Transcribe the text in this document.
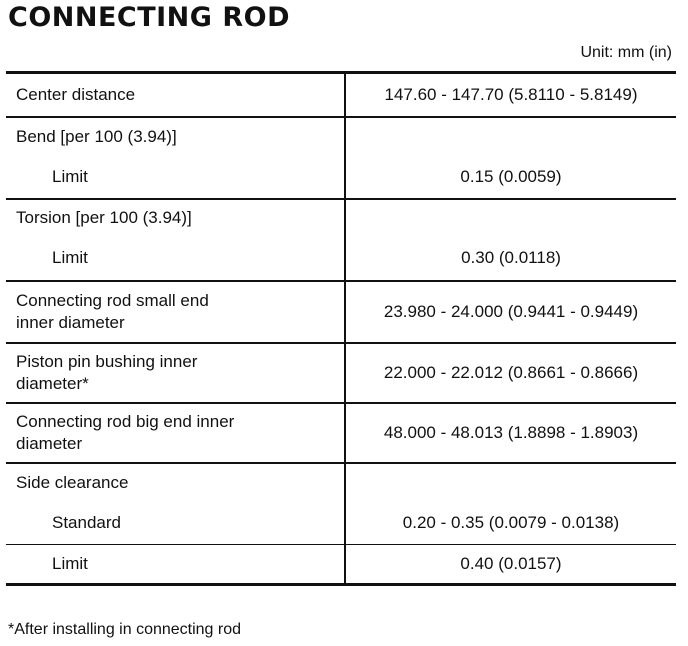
CONNECTING ROD
Unit: mm (in)
Center distance	147.60 - 147.70 (5.8110 - 5.8149)
Bend [per 100 (3.94)]	
Limit	0.15 (0.0059)
Torsion [per 100 (3.94)]	
Limit	0.30 (0.0118)

Connecting rod small end
inner diameter	23.980 - 24.000 (0.9441 - 0.9449)

Piston pin bushing inner
diameter*	22.000 - 22.012 (0.8661 - 0.8666)

Connecting rod big end inner
diameter	48.000 - 48.013 (1.8898 - 1.8903)
Side clearance	
Standard	0.20 - 0.35 (0.0079 - 0.0138)
Limit	0.40 (0.0157)
*After installing in connecting rod
